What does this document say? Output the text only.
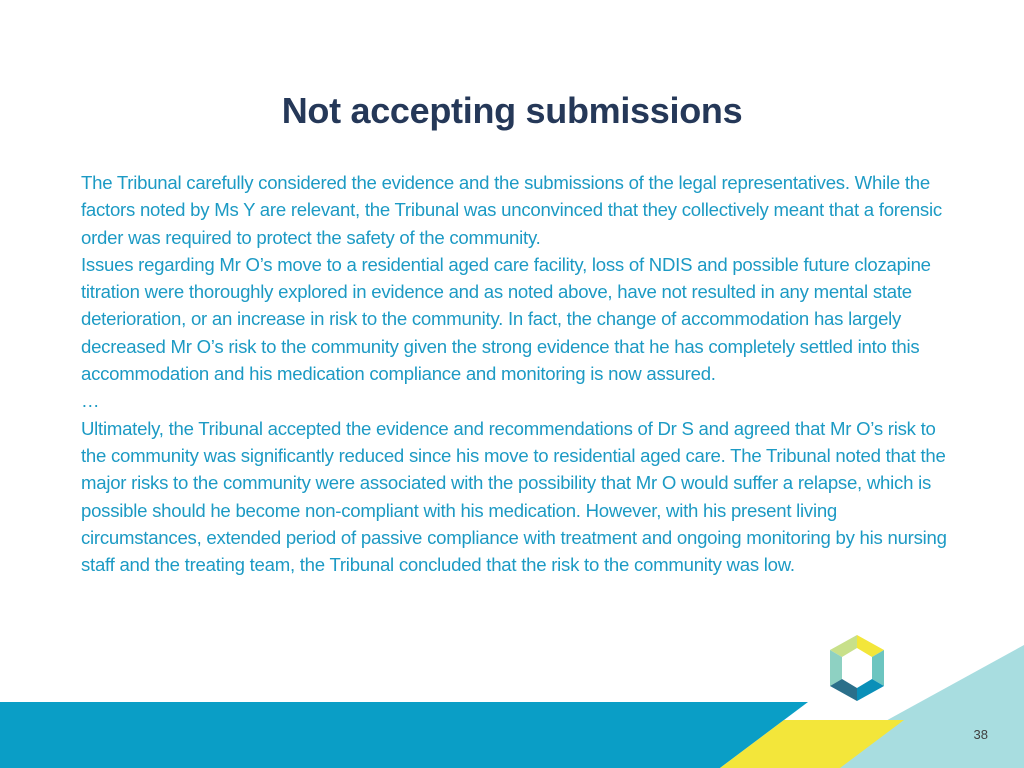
Not accepting submissions

The Tribunal carefully considered the evidence and the submissions of the legal representatives. While the factors noted by Ms Y are relevant, the Tribunal was unconvinced that they collectively meant that a forensic order was required to protect the safety of the community.

Issues regarding Mr O’s move to a residential aged care facility, loss of NDIS and possible future clozapine titration were thoroughly explored in evidence and as noted above, have not resulted in any mental state deterioration, or an increase in risk to the community. In fact, the change of accommodation has largely decreased Mr O’s risk to the community given the strong evidence that he has completely settled into this accommodation and his medication compliance and monitoring is now assured.

…

Ultimately, the Tribunal accepted the evidence and recommendations of Dr S and agreed that Mr O’s risk to the community was significantly reduced since his move to residential aged care. The Tribunal noted that the major risks to the community were associated with the possibility that Mr O would suffer a relapse, which is possible should he become non-compliant with his medication. However, with his present living circumstances, extended period of passive compliance with treatment and ongoing monitoring by his nursing staff and the treating team, the Tribunal concluded that the risk to the community was low.

38
